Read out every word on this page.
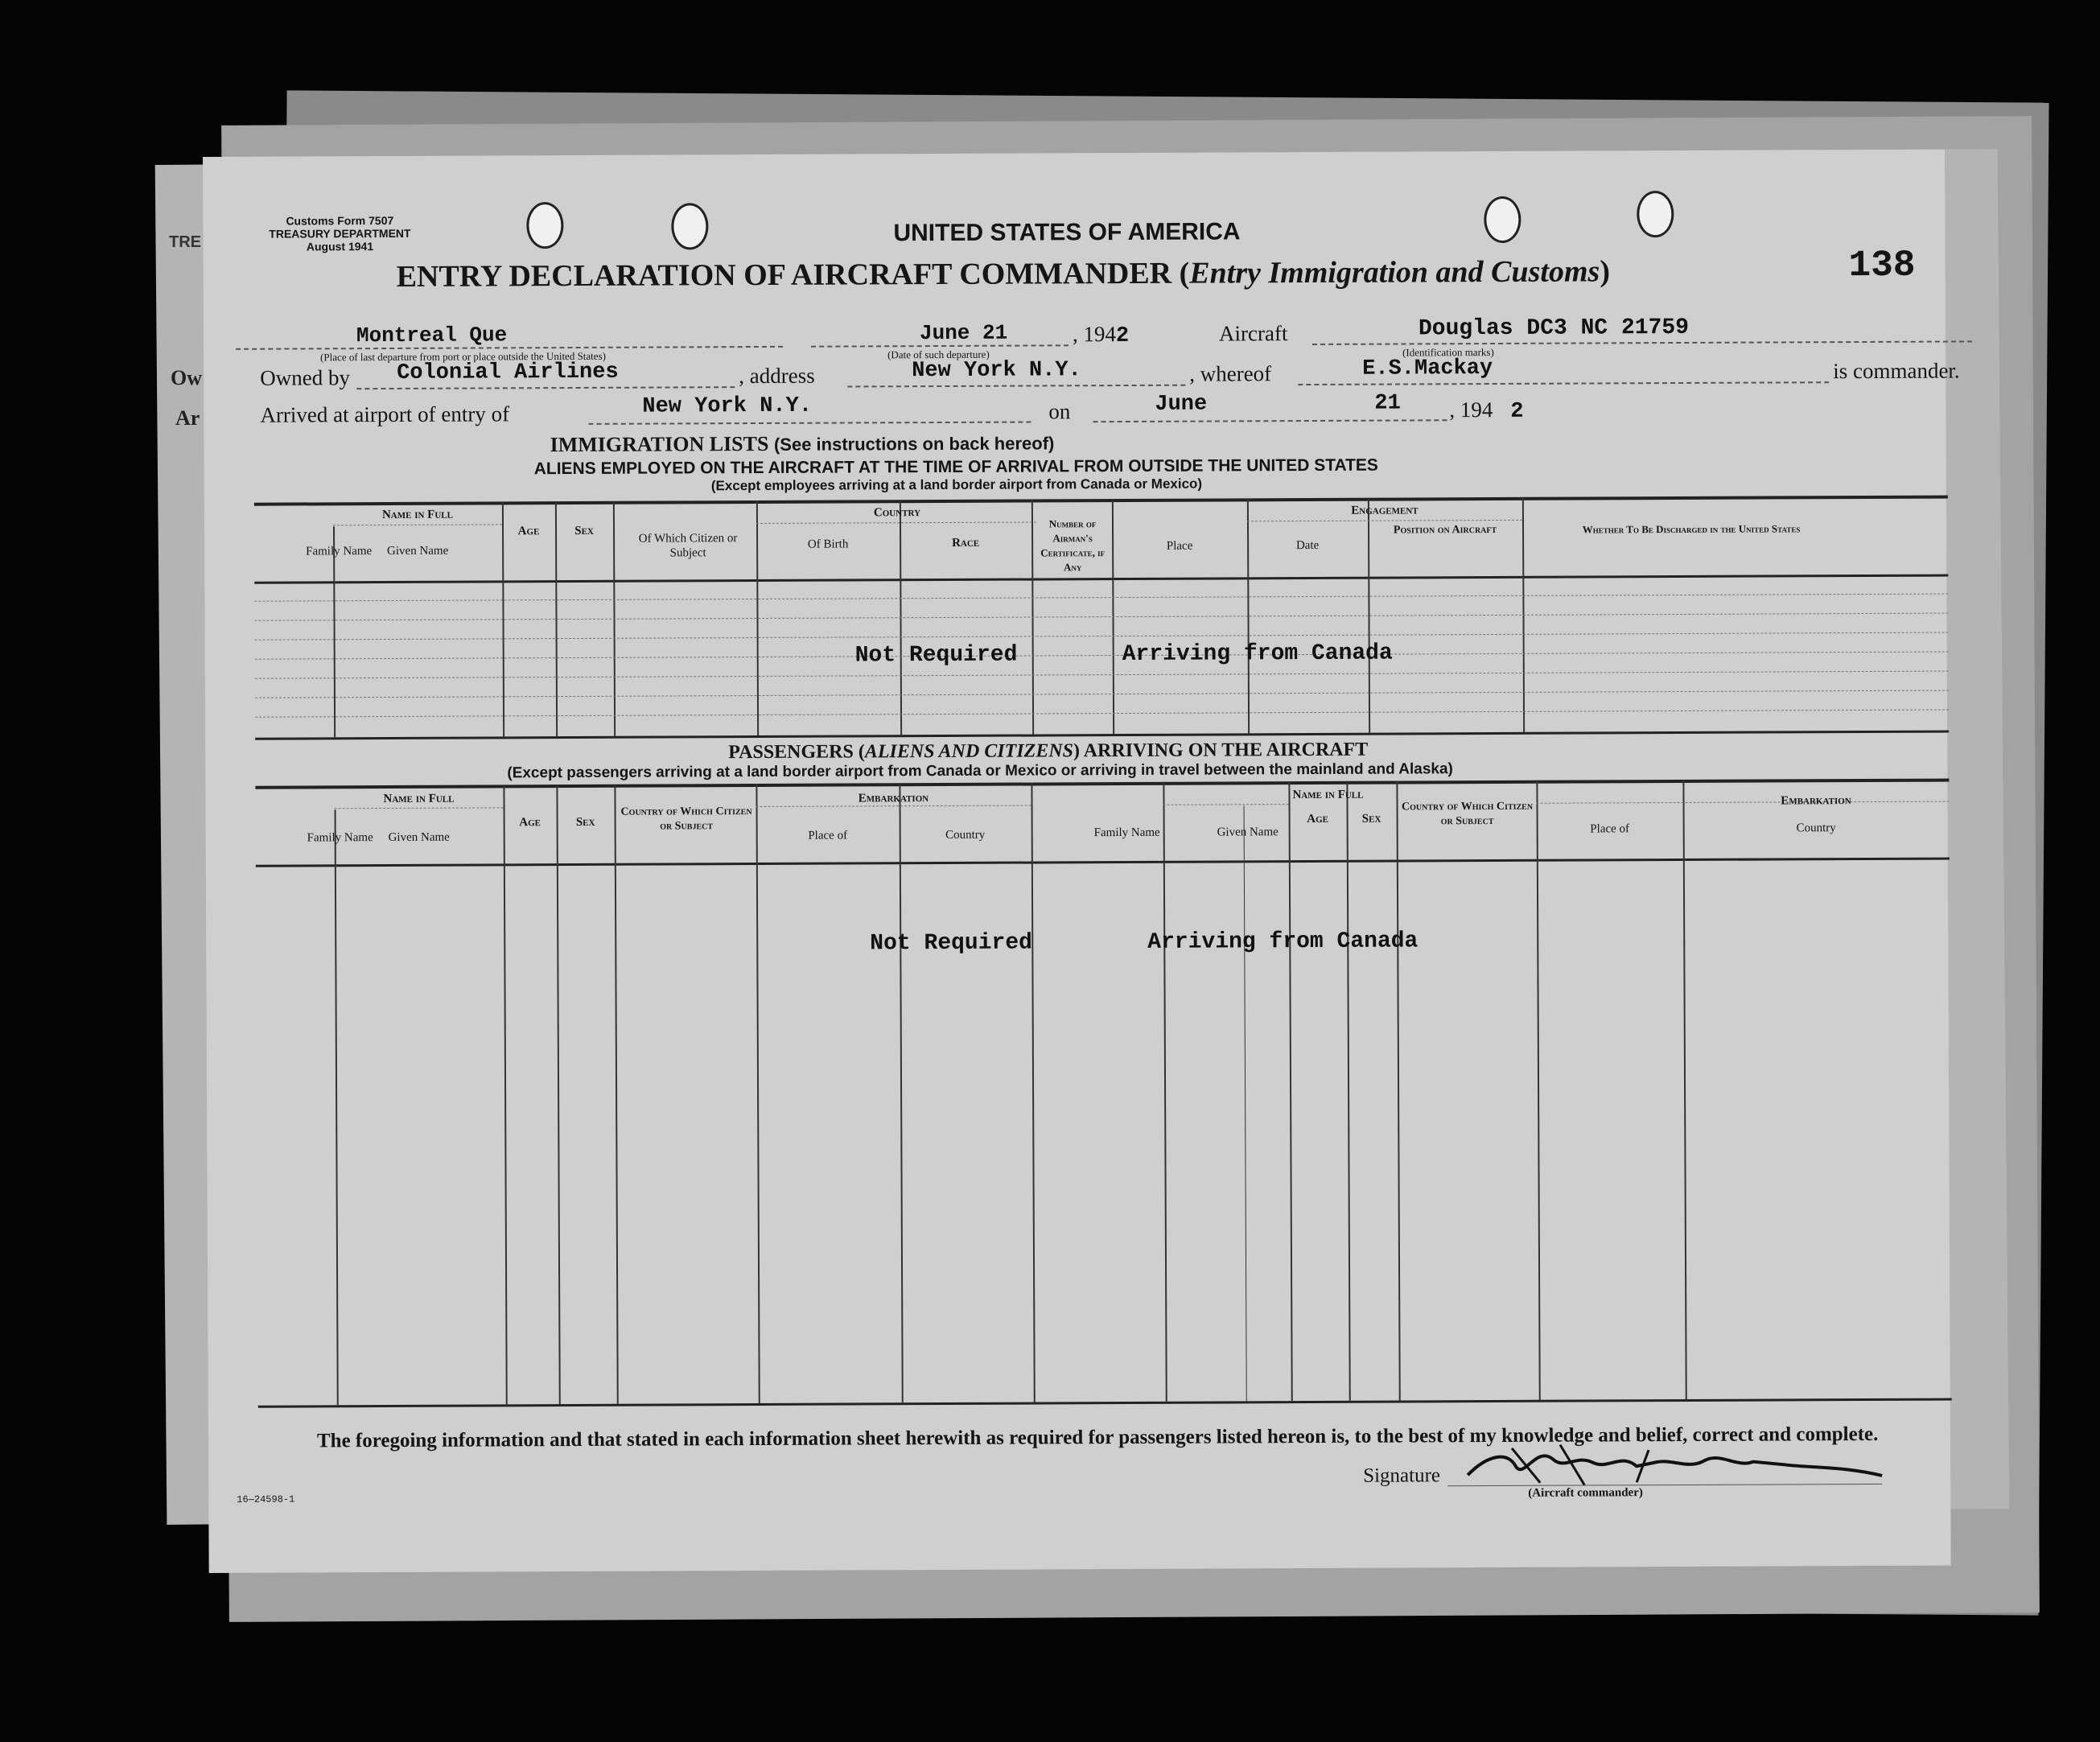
TRE
Ow
Ar
Customs Form 7507
TREASURY DEPARTMENT
August 1941
UNITED STATES OF AMERICA
138
ENTRY DECLARATION OF AIRCRAFT COMMANDER (Entry Immigration and Customs)
Montreal Que
(Place of last departure from port or place outside the United States)
June 21
(Date of such departure)
, 1942	Aircraft	Douglas DC3 NC 21759
(Identification marks)
Owned by Colonial Airlines	, address	New York N.Y.	, whereof	E.S.Mackay	is commander.
Arrived at airport of entry of	New York N.Y.	on	June	21 , 194 2
IMMIGRATION LISTS (See instructions on back hereof)
ALIENS EMPLOYED ON THE AIRCRAFT AT THE TIME OF ARRIVAL FROM OUTSIDE THE UNITED STATES
(Except employees arriving at a land border airport from Canada or Mexico)
Name in Full
Family Name	Given Name
Age	Sex
Country
Of Which Citizen or Subject
Of Birth	Race
Number of Airman's Certificate, if Any
Engagement
Place	Date
Position on Aircraft	Whether To Be Discharged in the United States
Not Required	Arriving from Canada
PASSENGERS (ALIENS AND CITIZENS) ARRIVING ON THE AIRCRAFT
(Except passengers arriving at a land border airport from Canada or Mexico or arriving in travel between the mainland and Alaska)
Name in Full
Family Name	Given Name
Age	Sex
Country of Which Citizen or Subject
Embarkation
Place of	Country
Name in Full
Family Name	Given Name
Age	Sex
Country of Which Citizen or Subject
Embarkation
Place of	Country
Not Required	Arriving from Canada
The foregoing information and that stated in each information sheet herewith as required for passengers listed hereon is, to the best of my knowledge and belief, correct and complete.
16—24598-1
Signature
(Aircraft commander)
